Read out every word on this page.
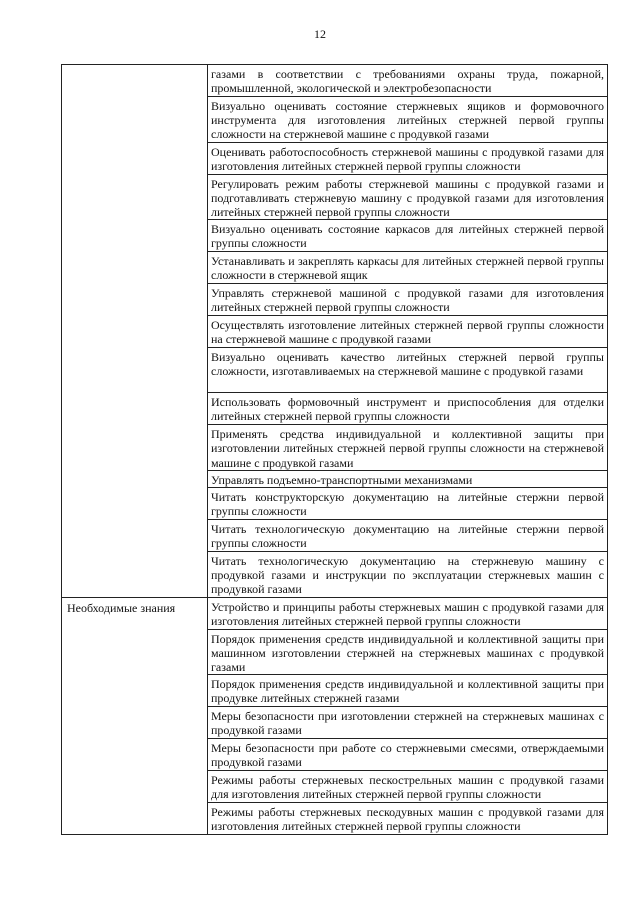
12

	газами в соответствии с требованиями охраны труда, пожарной, промышленной, экологической и электробезопасности

	Визуально оценивать состояние стержневых ящиков и формовочного инструмента для изготовления литейных стержней первой группы сложности на стержневой машине с продувкой газами

	Оценивать работоспособность стержневой машины с продувкой газами для изготовления литейных стержней первой группы сложности

	Регулировать режим работы стержневой машины с продувкой газами и подготавливать стержневую машину с продувкой газами для изготовления литейных стержней первой группы сложности

	Визуально оценивать состояние каркасов для литейных стержней первой группы сложности

	Устанавливать и закреплять каркасы для литейных стержней первой группы сложности в стержневой ящик

	Управлять стержневой машиной с продувкой газами для изготовления литейных стержней первой группы сложности

	Осуществлять изготовление литейных стержней первой группы сложности на стержневой машине с продувкой газами

	Визуально оценивать качество литейных стержней первой группы сложности, изготавливаемых на стержневой машине с продувкой газами

	Использовать формовочный инструмент и приспособления для отделки литейных стержней первой группы сложности

	Применять средства индивидуальной и коллективной защиты при изготовлении литейных стержней первой группы сложности на стержневой машине с продувкой газами

	Управлять подъемно-транспортными механизмами

	Читать конструкторскую документацию на литейные стержни первой группы сложности

	Читать технологическую документацию на литейные стержни первой группы сложности

	Читать технологическую документацию на стержневую машину с продувкой газами и инструкции по эксплуатации стержневых машин с продувкой газами

Необходимые знания	Устройство и принципы работы стержневых машин с продувкой газами для изготовления литейных стержней первой группы сложности

	Порядок применения средств индивидуальной и коллективной защиты при машинном изготовлении стержней на стержневых машинах с продувкой газами

	Порядок применения средств индивидуальной и коллективной защиты при продувке литейных стержней газами

	Меры безопасности при изготовлении стержней на стержневых машинах с продувкой газами

	Меры безопасности при работе со стержневыми смесями, отверждаемыми продувкой газами

	Режимы работы стержневых пескострельных машин с продувкой газами для изготовления литейных стержней первой группы сложности

	Режимы работы стержневых пескодувных машин с продувкой газами для изготовления литейных стержней первой группы сложности
